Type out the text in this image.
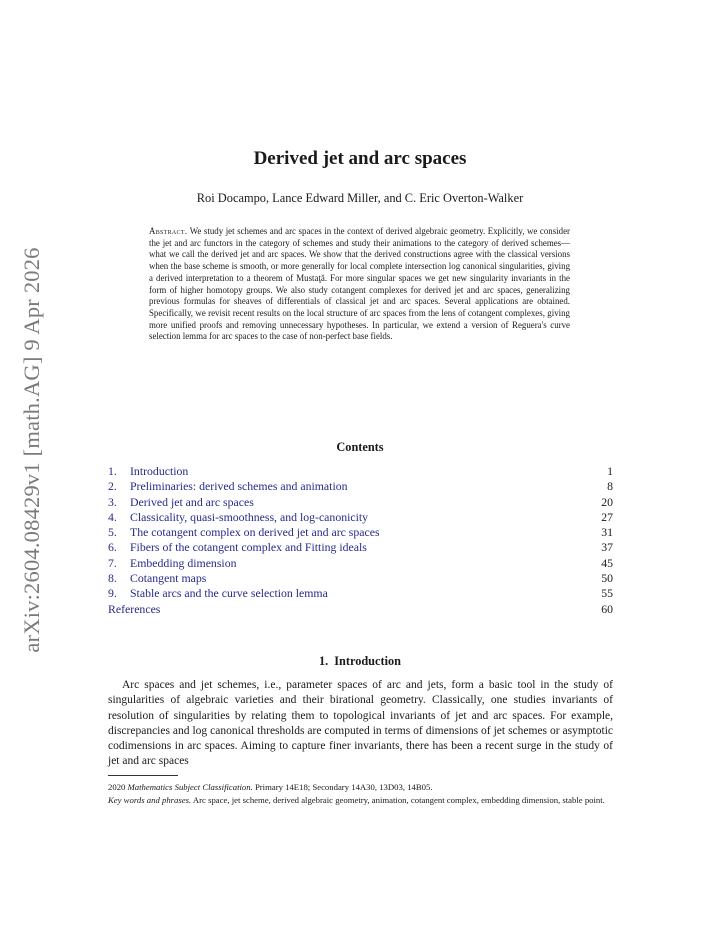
arXiv:2604.08429v1 [math.AG] 9 Apr 2026
Derived jet and arc spaces
Roi Docampo, Lance Edward Miller, and C. Eric Overton-Walker
Abstract. We study jet schemes and arc spaces in the context of derived algebraic geometry. Explicitly, we consider the jet and arc functors in the category of schemes and study their animations to the category of derived schemes—what we call the derived jet and arc spaces. We show that the derived constructions agree with the classical versions when the base scheme is smooth, or more generally for local complete intersection log canonical singularities, giving a derived interpretation to a theorem of Mustaţă. For more singular spaces we get new singularity invariants in the form of higher homotopy groups. We also study cotangent complexes for derived jet and arc spaces, generalizing previous formulas for sheaves of differentials of classical jet and arc spaces. Several applications are obtained. Specifically, we revisit recent results on the local structure of arc spaces from the lens of cotangent complexes, giving more unified proofs and removing unnecessary hypotheses. In particular, we extend a version of Reguera's curve selection lemma for arc spaces to the case of non-perfect base fields.
Contents
1. Introduction	1
2. Preliminaries: derived schemes and animation	8
3. Derived jet and arc spaces	20
4. Classicality, quasi-smoothness, and log-canonicity	27
5. The cotangent complex on derived jet and arc spaces	31
6. Fibers of the cotangent complex and Fitting ideals	37
7. Embedding dimension	45
8. Cotangent maps	50
9. Stable arcs and the curve selection lemma	55
References	60
1. Introduction

Arc spaces and jet schemes, i.e., parameter spaces of arc and jets, form a basic tool in the study of singularities of algebraic varieties and their birational geometry. Classically, one studies invariants of resolution of singularities by relating them to topological invariants of jet and arc spaces. For example, discrepancies and log canonical thresholds are computed in terms of dimensions of jet schemes or asymptotic codimensions in arc spaces. Aiming to capture finer invariants, there has been a recent surge in the study of jet and arc spaces

2020 Mathematics Subject Classification. Primary 14E18; Secondary 14A30, 13D03, 14B05.

Key words and phrases. Arc space, jet scheme, derived algebraic geometry, animation, cotangent complex, embedding dimension, stable point.
